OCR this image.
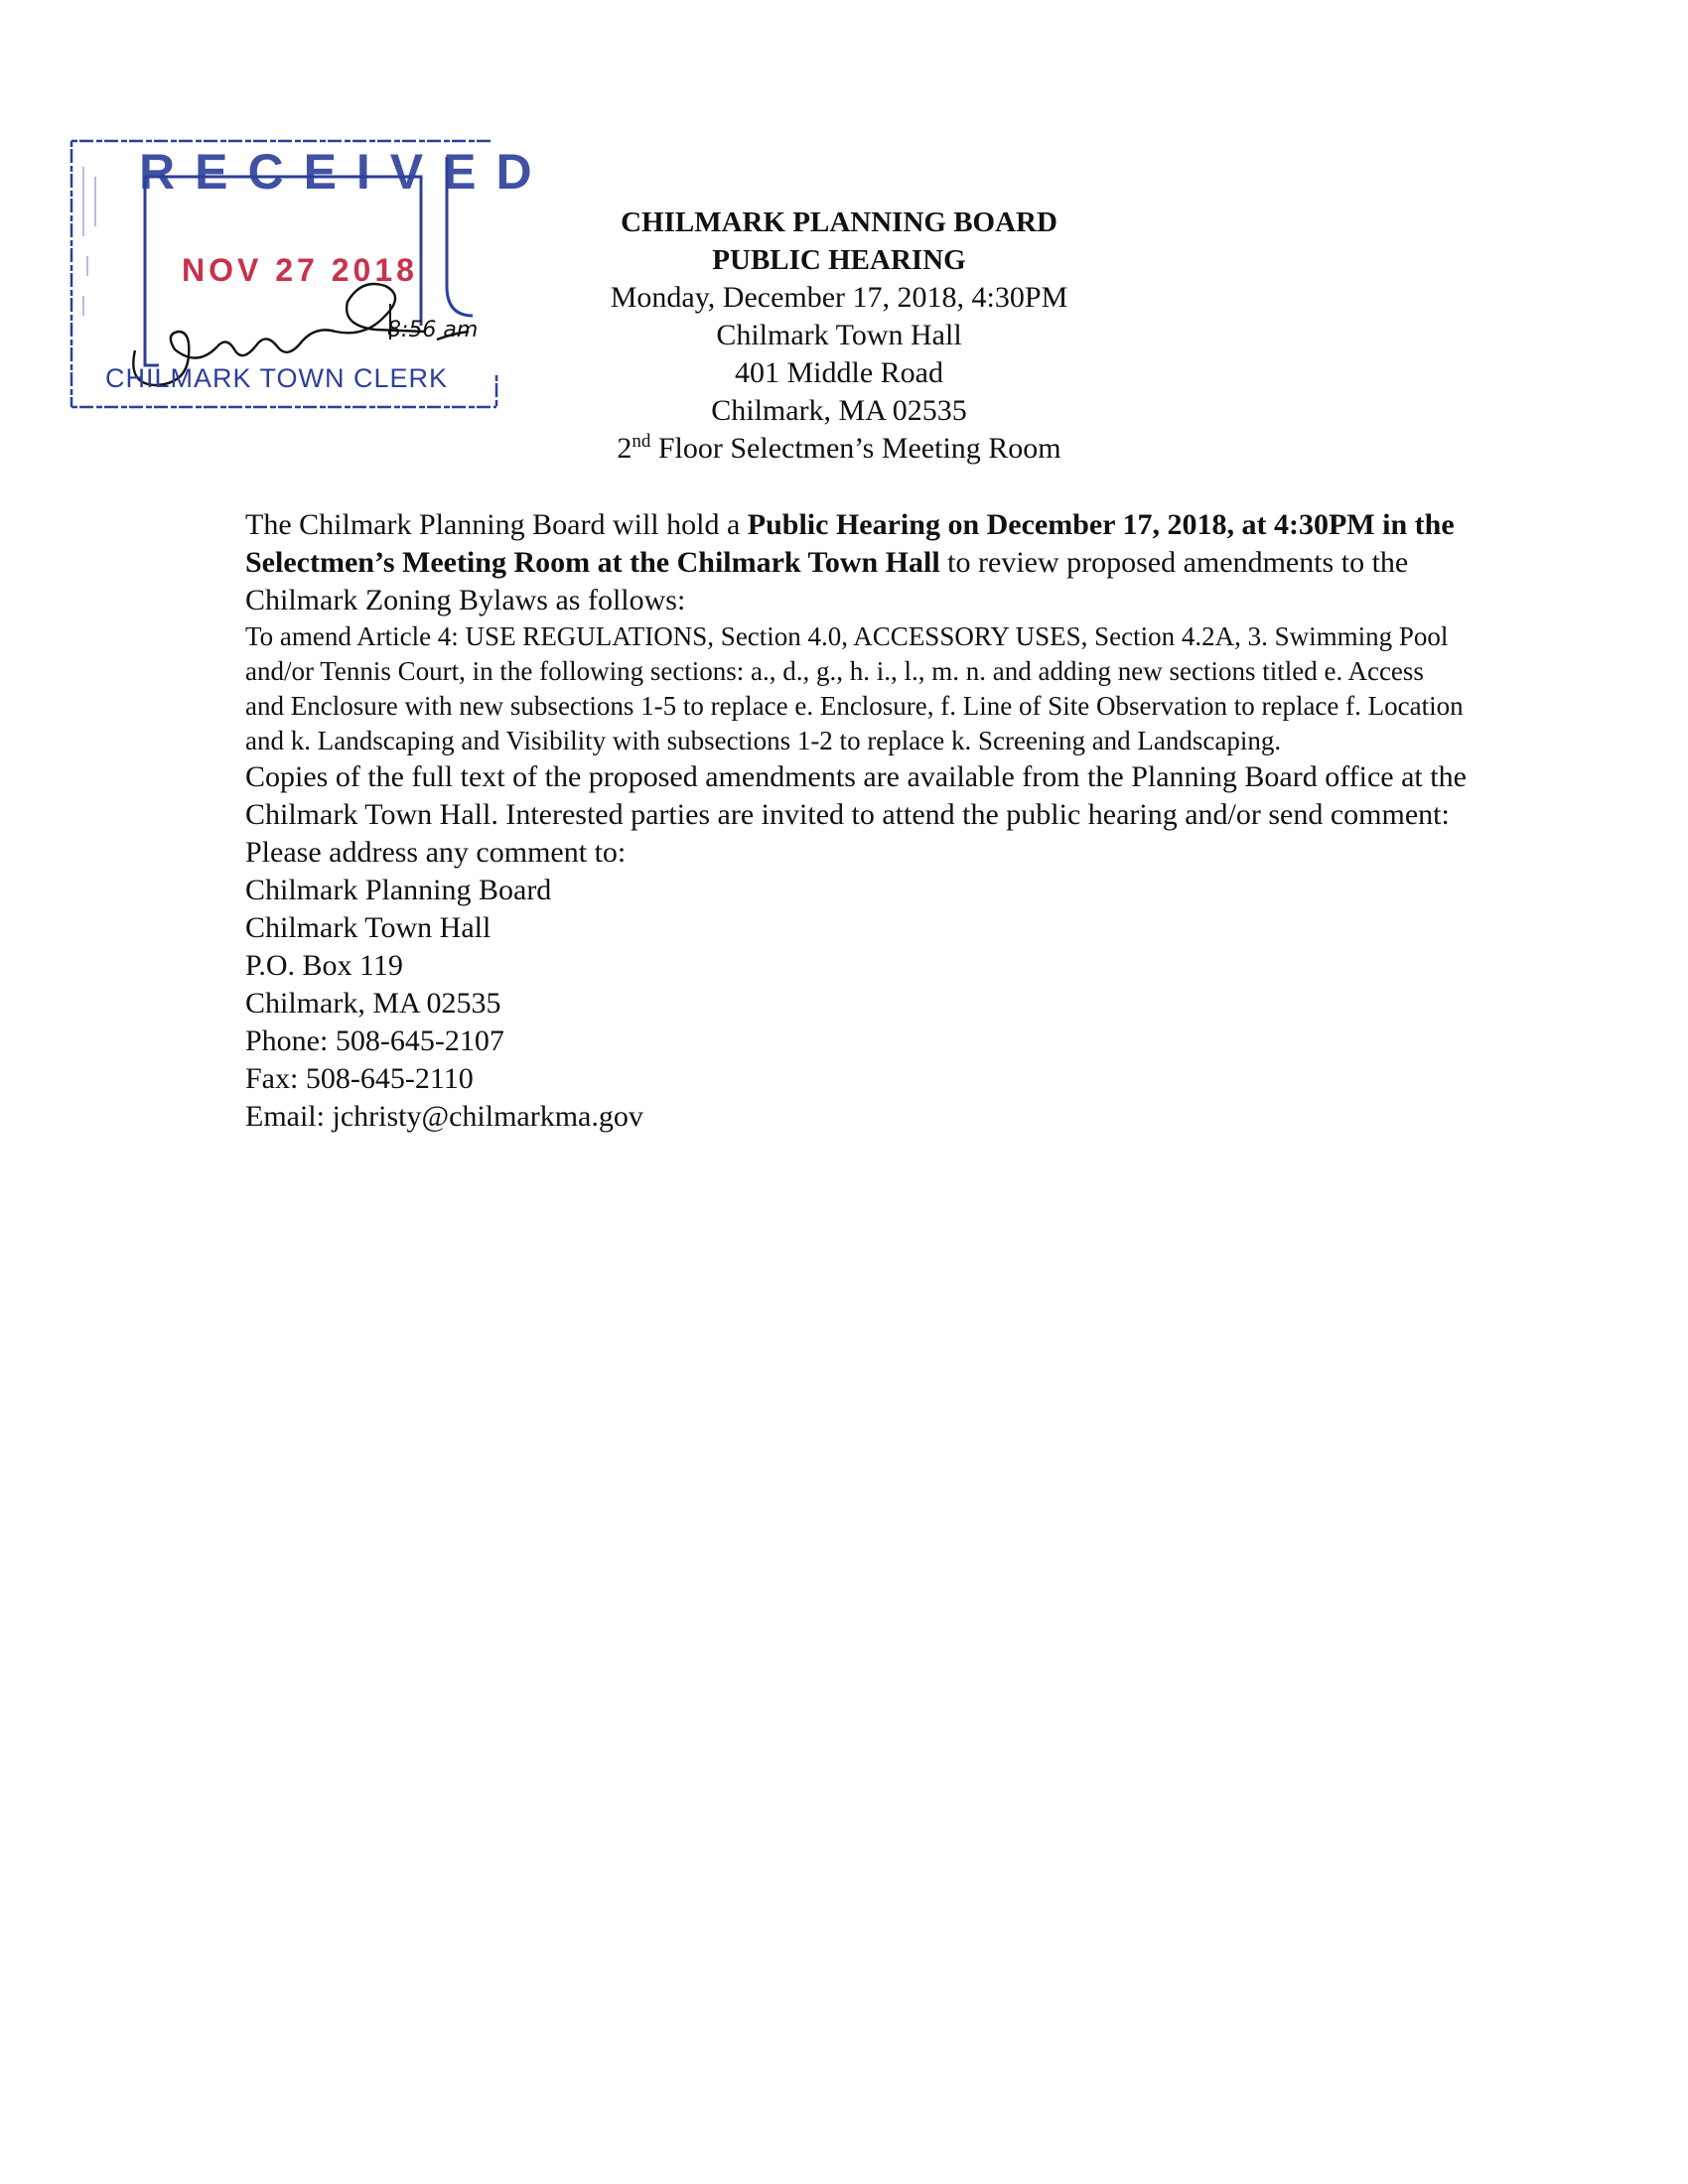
RECEIVED
NOV 27 2018
8:56 am
CHILMARK TOWN CLERK
CHILMARK PLANNING BOARD
PUBLIC HEARING
Monday, December 17, 2018, 4:30PM
Chilmark Town Hall
401 Middle Road
Chilmark, MA 02535
2nd Floor Selectmen’s Meeting Room

The Chilmark Planning Board will hold a Public Hearing on December 17, 2018, at 4:30PM in the Selectmen’s Meeting Room at the Chilmark Town Hall to review proposed amendments to the Chilmark Zoning Bylaws as follows:

To amend Article 4: USE REGULATIONS, Section 4.0, ACCESSORY USES, Section 4.2A, 3. Swimming Pool and/or Tennis Court, in the following sections: a., d., g., h. i., l., m. n. and adding new sections titled e. Access and Enclosure with new subsections 1-5 to replace e. Enclosure, f. Line of Site Observation to replace f. Location and k. Landscaping and Visibility with subsections 1-2 to replace k. Screening and Landscaping.

Copies of the full text of the proposed amendments are available from the Planning Board office at the Chilmark Town Hall. Interested parties are invited to attend the public hearing and/or send comment: Please address any comment to:

Chilmark Planning Board
Chilmark Town Hall
P.O. Box 119
Chilmark, MA 02535
Phone: 508-645-2107
Fax: 508-645-2110
Email: jchristy@chilmarkma.gov
